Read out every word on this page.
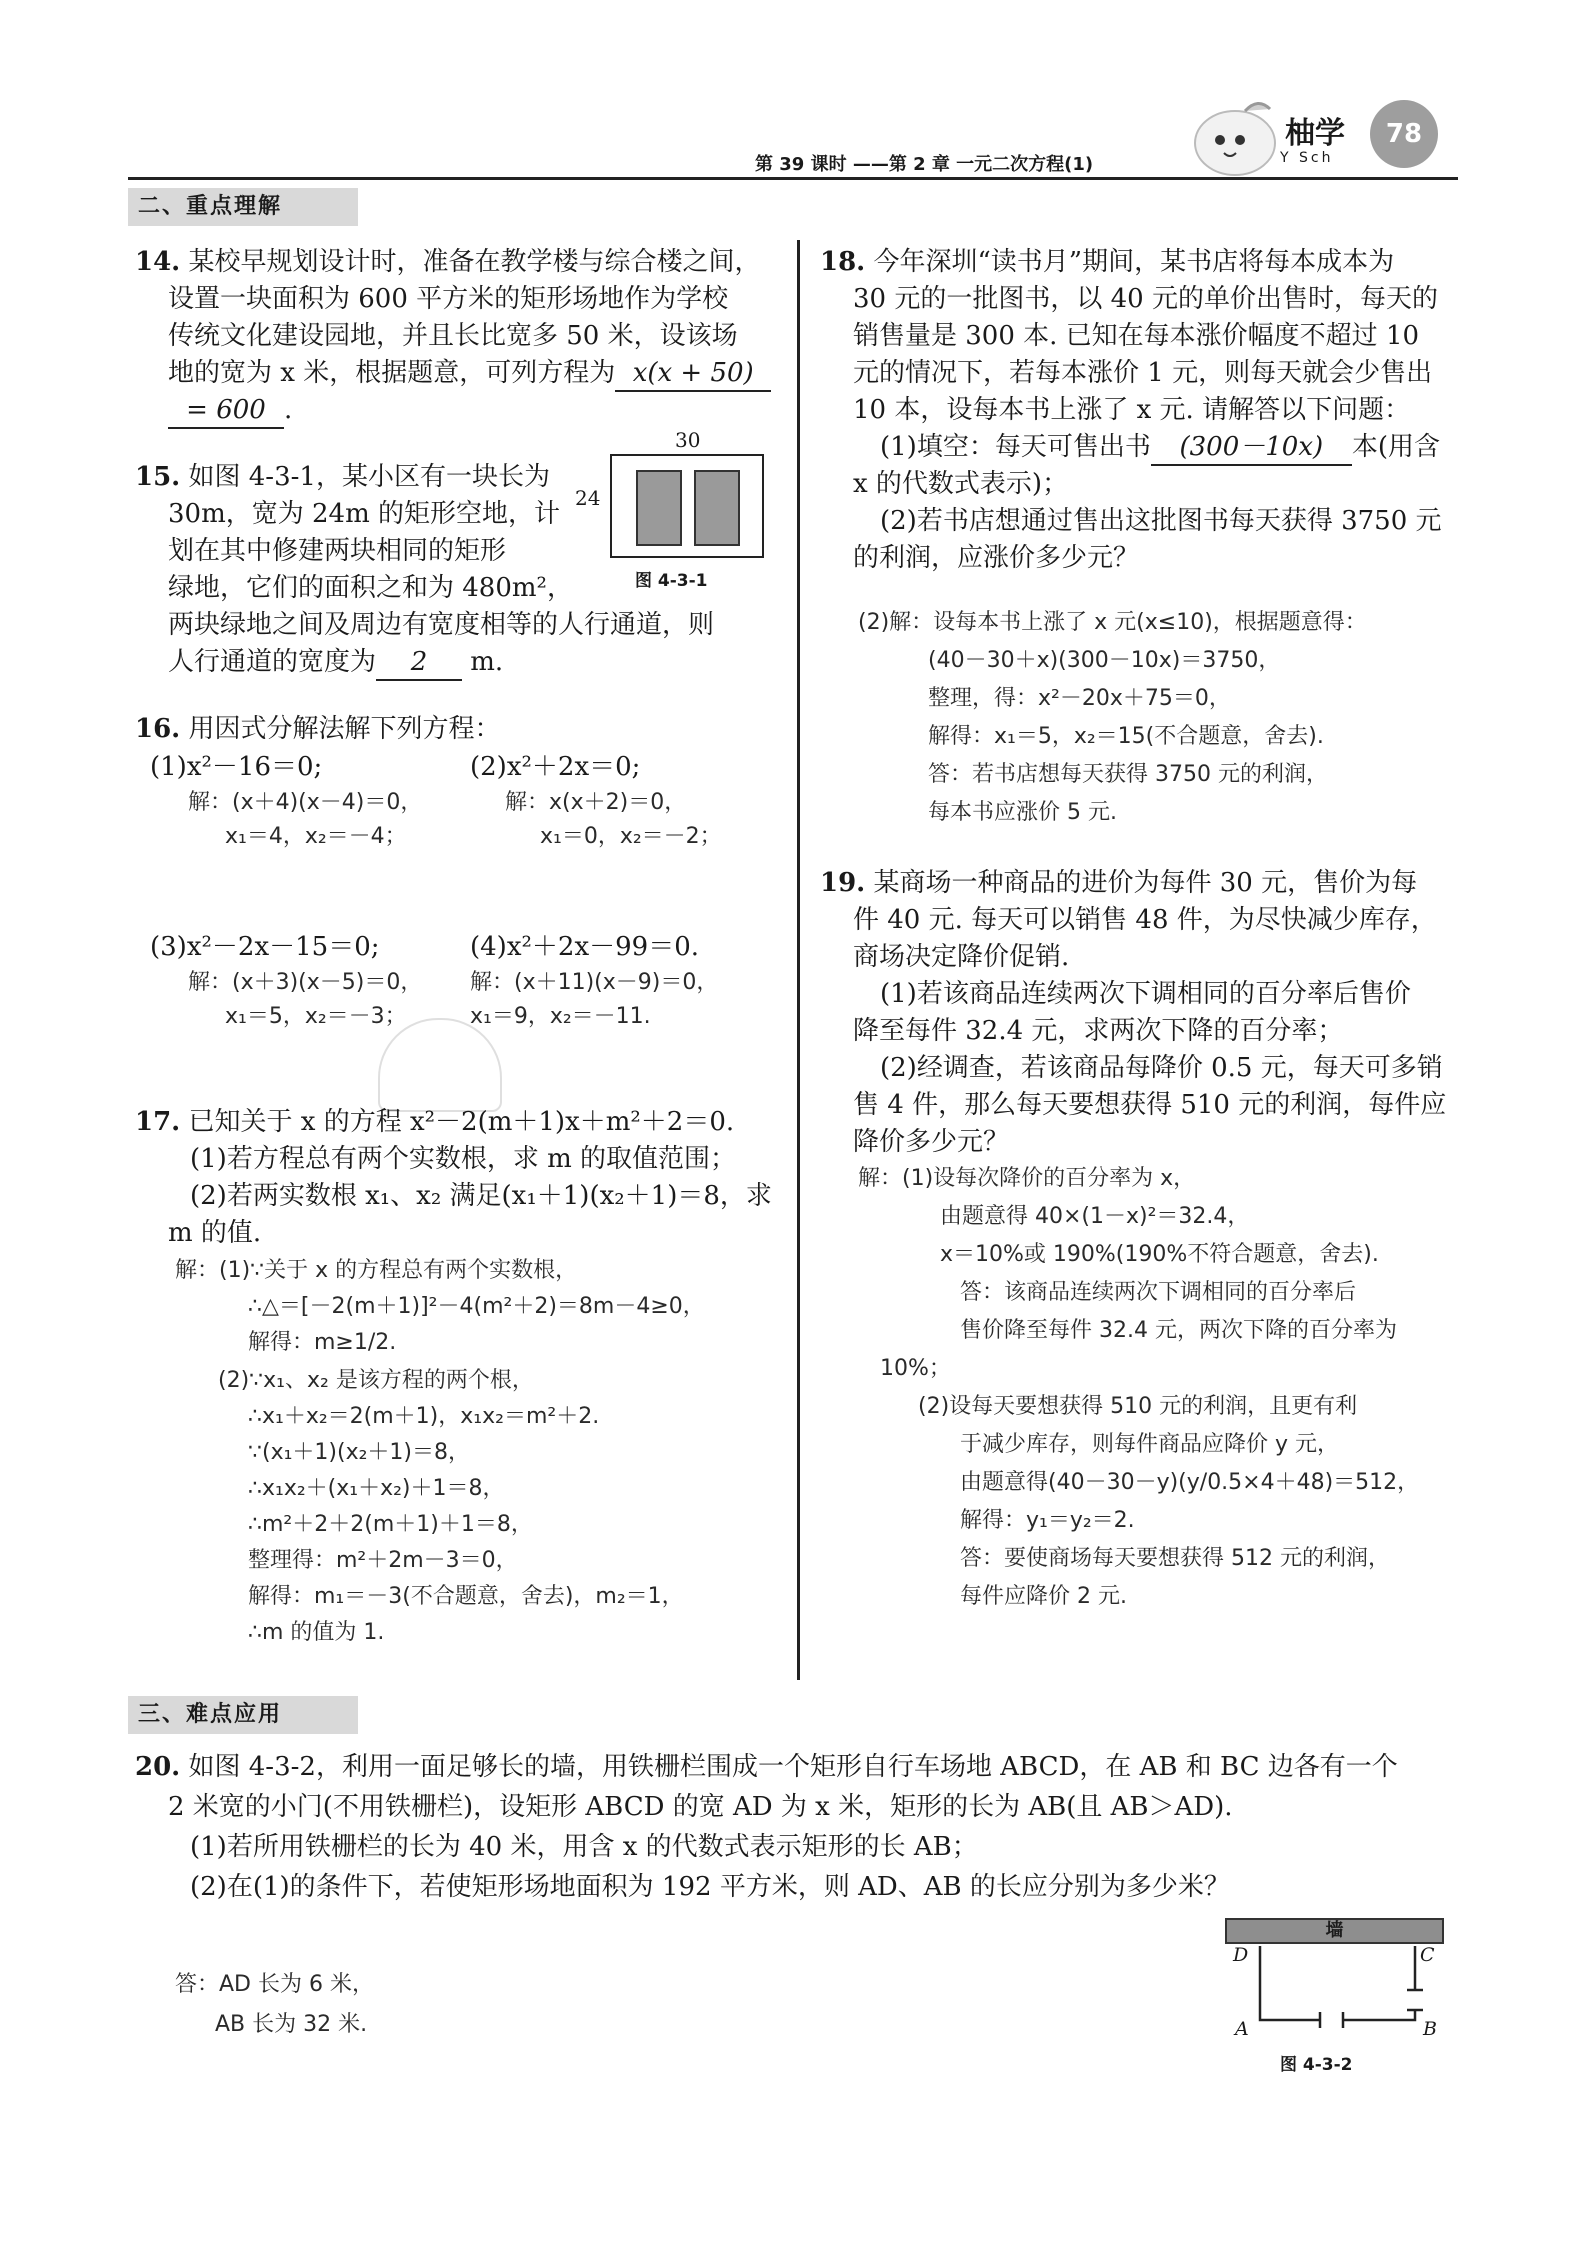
柚学
Y Sch
78
第 39 课时 ——第 2 章 一元二次方程(1)
二、重点理解
14. 某校早规划设计时，准备在教学楼与综合楼之间，
设置一块面积为 600 平方米的矩形场地作为学校
传统文化建设园地，并且长比宽多 50 米，设该场
地的宽为 x 米，根据题意，可列方程为 x(x + 50)
= 600 .
15. 如图 4-3-1，某小区有一块长为
30m，宽为 24m 的矩形空地，计
划在其中修建两块相同的矩形
绿地，它们的面积之和为 480m²，
两块绿地之间及周边有宽度相等的人行通道，则
人行通道的宽度为 2 m.
30
24
图 4-3-1
16. 用因式分解法解下列方程：
(1)x²－16＝0;
解：(x＋4)(x－4)＝0，
x₁＝4，x₂＝－4；
(2)x²＋2x＝0;
解：x(x＋2)＝0，
x₁＝0，x₂＝－2；
(3)x²－2x－15＝0;
解：(x＋3)(x－5)＝0，
x₁＝5，x₂＝－3；
(4)x²＋2x－99＝0.
解：(x＋11)(x－9)＝0，
x₁＝9，x₂＝－11.
17. 已知关于 x 的方程 x²－2(m＋1)x＋m²＋2＝0.
(1)若方程总有两个实数根，求 m 的取值范围；
(2)若两实数根 x₁、x₂ 满足(x₁＋1)(x₂＋1)＝8，求
m 的值.
解：(1)∵关于 x 的方程总有两个实数根，
∴△＝[－2(m＋1)]²－4(m²＋2)＝8m－4≥0，
解得：m≥1/2.
(2)∵x₁、x₂ 是该方程的两个根，
∴x₁＋x₂＝2(m＋1)，x₁x₂＝m²＋2.
∵(x₁＋1)(x₂＋1)＝8，
∴x₁x₂＋(x₁＋x₂)＋1＝8，
∴m²＋2＋2(m＋1)＋1＝8，
整理得：m²＋2m－3＝0，
解得：m₁＝－3(不合题意，舍去)，m₂＝1，
∴m 的值为 1.
18. 今年深圳“读书月”期间，某书店将每本成本为
30 元的一批图书，以 40 元的单价出售时，每天的
销售量是 300 本. 已知在每本涨价幅度不超过 10
元的情况下，若每本涨价 1 元，则每天就会少售出
10 本，设每本书上涨了 x 元. 请解答以下问题：
(1)填空：每天可售出书 (300－10x) 本(用含
x 的代数式表示)；
(2)若书店想通过售出这批图书每天获得 3750 元
的利润，应涨价多少元？
(2)解：设每本书上涨了 x 元(x≤10)，根据题意得：
(40－30＋x)(300－10x)＝3750，
整理，得：x²－20x＋75＝0，
解得：x₁＝5，x₂＝15(不合题意，舍去).
答：若书店想每天获得 3750 元的利润，
每本书应涨价 5 元.
19. 某商场一种商品的进价为每件 30 元，售价为每
件 40 元. 每天可以销售 48 件，为尽快减少库存，
商场决定降价促销.
(1)若该商品连续两次下调相同的百分率后售价
降至每件 32.4 元，求两次下降的百分率；
(2)经调查，若该商品每降价 0.5 元，每天可多销
售 4 件，那么每天要想获得 510 元的利润，每件应
降价多少元？
解：(1)设每次降价的百分率为 x，
由题意得 40×(1－x)²＝32.4，
x＝10%或 190%(190%不符合题意，舍去).
答：该商品连续两次下调相同的百分率后
售价降至每件 32.4 元，两次下降的百分率为
10%；
(2)设每天要想获得 510 元的利润，且更有利
于减少库存，则每件商品应降价 y 元，
由题意得(40－30－y)(y/0.5×4＋48)＝512，
解得：y₁＝y₂＝2.
答：要使商场每天要想获得 512 元的利润，
每件应降价 2 元.
三、难点应用
20. 如图 4-3-2，利用一面足够长的墙，用铁栅栏围成一个矩形自行车场地 ABCD，在 AB 和 BC 边各有一个
2 米宽的小门(不用铁栅栏)，设矩形 ABCD 的宽 AD 为 x 米，矩形的长为 AB(且 AB＞AD).
(1)若所用铁栅栏的长为 40 米，用含 x 的代数式表示矩形的长 AB；
(2)在(1)的条件下，若使矩形场地面积为 192 平方米，则 AD、AB 的长应分别为多少米？
答：AD 长为 6 米，
AB 长为 32 米.
墙
D	C
A	B
图 4-3-2
